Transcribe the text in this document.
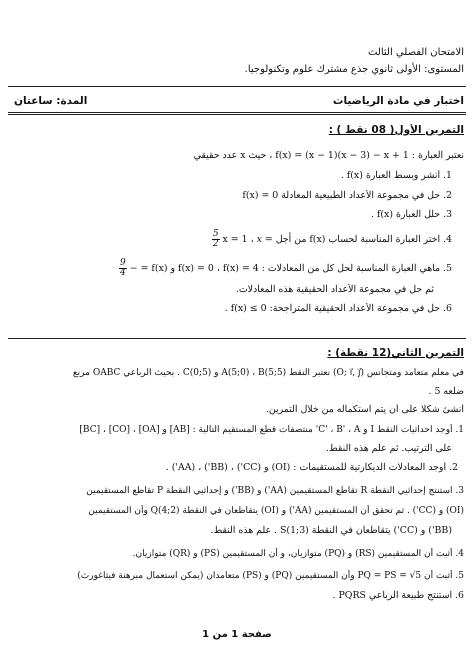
الامتحان الفصلي الثالث
المستوى: الأولى ثانوي جذع مشترك علوم وتكنولوجيا.
اختبار في مادة الرياضيات
المدة: ساعتان
التمرين الأول( 08 نقط ) :
نعتبر العبارة : f(x) = (x − 1)(x − 3) − x + 1 ، حيث x عدد حقيقي
1. أنشر وبسط العبارة f(x) .
2. حل في مجموعة الأعداد الطبيعية المعادلة f(x) = 0
3. حلل العبارة f(x) .
4. اختر العبارة المناسبة لحساب f(x) من أجل x = 1 ، x =
$\frac{5}{2}$
5. ماهي العبارة المناسبة لحل كل من المعادلات : f(x) = 0 ، f(x) = 4 و f(x) = −
$\frac{9}{4}$
ثم حل في مجموعة الأعداد الحقيقية هذه المعادلات.
6. حل في مجموعة الأعداد الحقيقية المتراجحة: f(x) ≤ 0 .
التمرين الثاني(12 نقطة) :
في معلم متعامد ومتجانس (O; i⃗, j⃗) نعتبر النقط A(5;0) ، B(5;5) و C(0;5) . بحيث الرباعي OABC مربع
ضلعه 5 .
أنشئ شكلا على أن يتم استكماله من خلال التمرين.
1. أوجد احداثيات النقط I و C' ، B' ، A' منتصفات قطع المستقيم التالية : [AB] و [OA] ، [CO] ، [BC]
على الترتيب. ثم علم هذه النقط.
2. أوجد المعادلات الديكارتية للمستقيمات : (OI) و (CC') ، (BB') ، (AA') .
3. استنتج إحداثيي النقطة R تقاطع المستقيمين (AA') و (BB') و إحداثيي النقطة P تقاطع المستقيمين
(OI) و (CC') . ثم تحقق أن المستقيمين (AA') و (OI) يتقاطعان في النقطة Q(4;2) وأن المستقيمين
(BB') و (CC') يتقاطعان في النقطة S(1;3) . علم هذه النقط.
4. أثبت أن المستقيمين (RS) و (PQ) متوازيان، و أن المستقيمين (PS) و (QR) متوازيان.
5. أثبت أن PQ = PS = √5 وأن المستقيمين (PQ) و (PS) متعامدان (يمكن استعمال مبرهنة فيثاغورث)
6. استنتج طبيعة الرباعي PQRS .
صفحة 1 من 1
